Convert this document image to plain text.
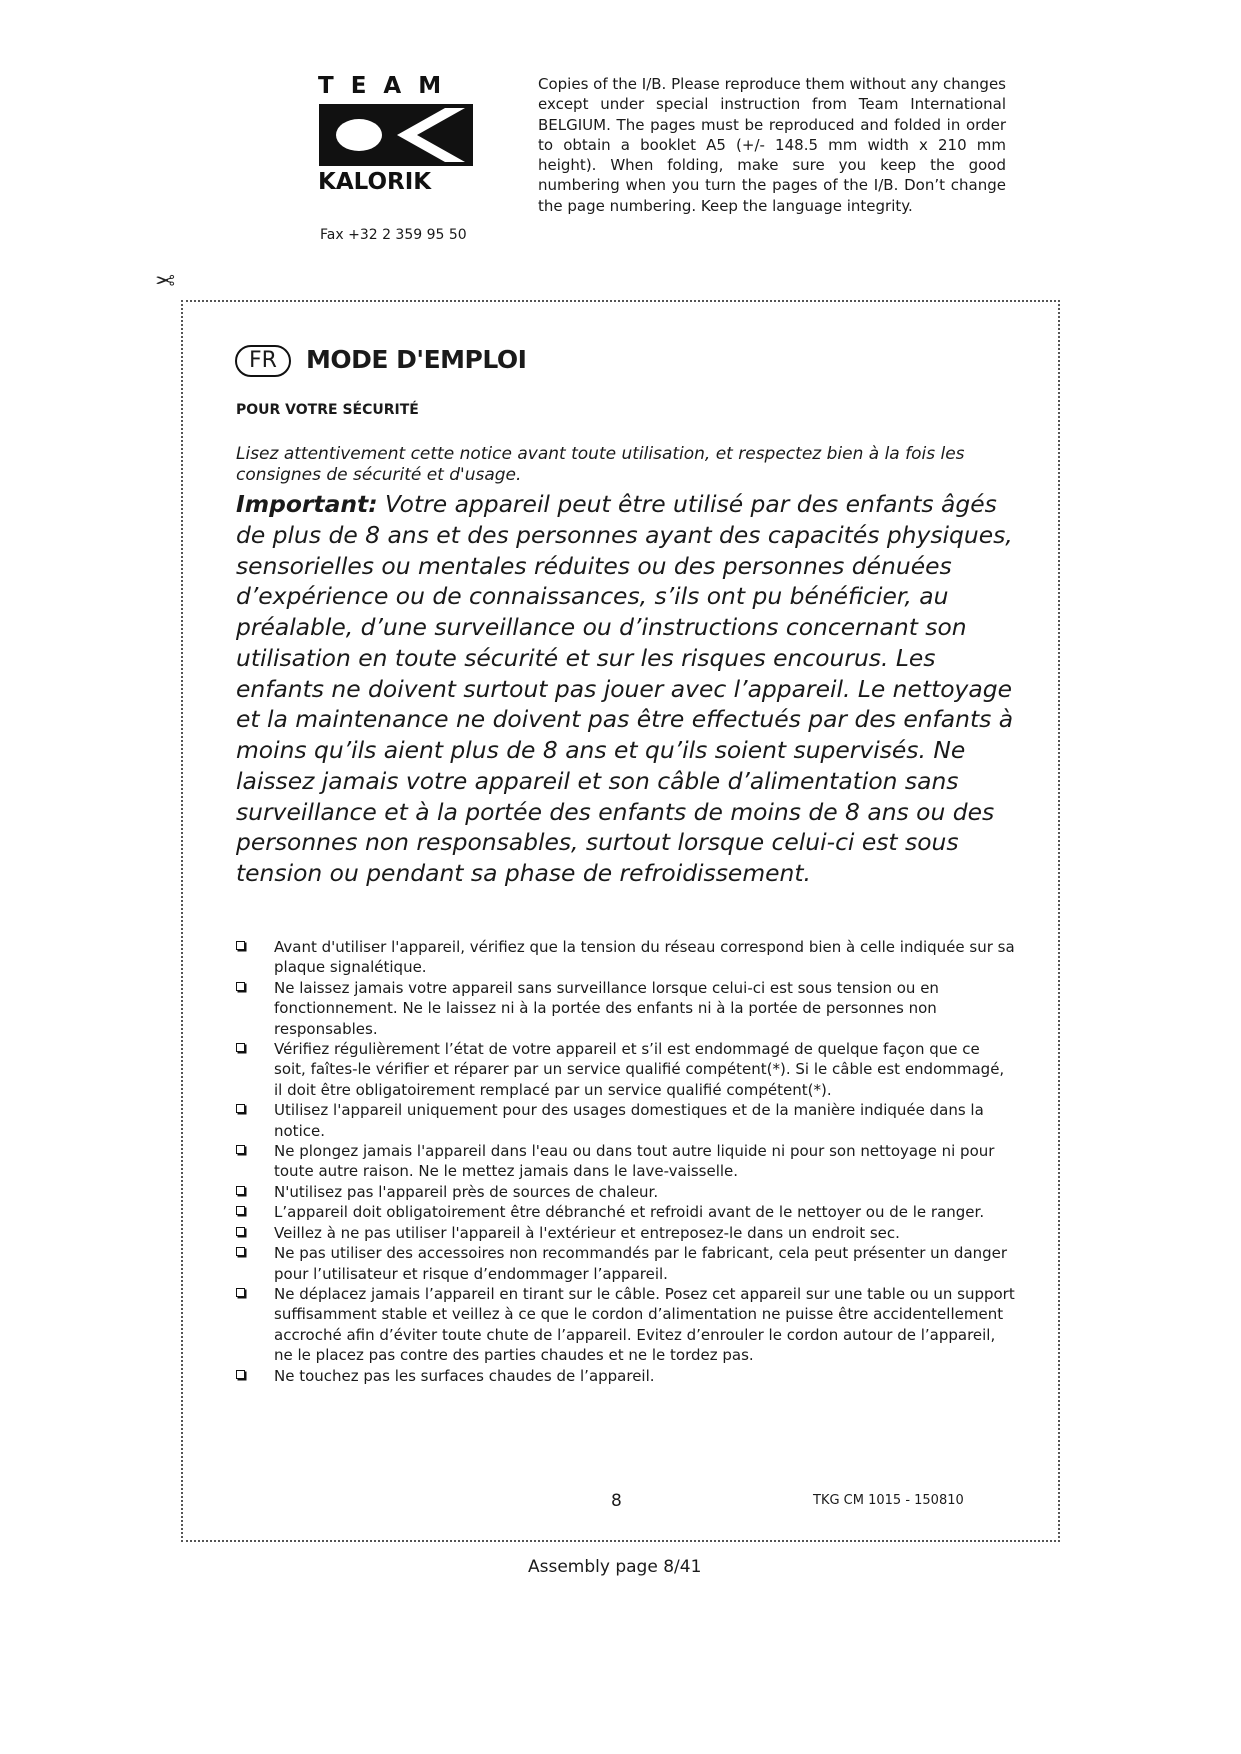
TEAM
KALORIK
Fax +32 2 359 95 50
Copies of the I/B. Please reproduce them without any changes except under special instruction from Team International BELGIUM. The pages must be reproduced and folded in order to obtain a booklet A5 (+/- 148.5 mm width x 210 mm height). When folding, make sure you keep the good numbering when you turn the pages of the I/B. Don’t change the page numbering. Keep the language integrity.
✂
FR	MODE D'EMPLOI
POUR VOTRE SÉCURITÉ
Lisez attentivement cette notice avant toute utilisation, et respectez bien à la fois les consignes de sécurité et d'usage.
Important: Votre appareil peut être utilisé par des enfants âgés de plus de 8 ans et des personnes ayant des capacités physiques, sensorielles ou mentales réduites ou des personnes dénuées d’expérience ou de connaissances, s’ils ont pu bénéficier, au préalable, d’une surveillance ou d’instructions concernant son utilisation en toute sécurité et sur les risques encourus. Les enfants ne doivent surtout pas jouer avec l’appareil. Le nettoyage et la maintenance ne doivent pas être effectués par des enfants à moins qu’ils aient plus de 8 ans et qu’ils soient supervisés. Ne laissez jamais votre appareil et son câble d’alimentation sans surveillance et à la portée des enfants de moins de 8 ans ou des personnes non responsables, surtout lorsque celui-ci est sous tension ou pendant sa phase de refroidissement.
Avant d'utiliser l'appareil, vérifiez que la tension du réseau correspond bien à celle indiquée sur sa plaque signalétique.
Ne laissez jamais votre appareil sans surveillance lorsque celui-ci est sous tension ou en fonctionnement. Ne le laissez ni à la portée des enfants ni à la portée de personnes non responsables.
Vérifiez régulièrement l’état de votre appareil et s’il est endommagé de quelque façon que ce soit, faîtes-le vérifier et réparer par un service qualifié compétent(*). Si le câble est endommagé, il doit être obligatoirement remplacé par un service qualifié compétent(*).
Utilisez l'appareil uniquement pour des usages domestiques et de la manière indiquée dans la notice.
Ne plongez jamais l'appareil dans l'eau ou dans tout autre liquide ni pour son nettoyage ni pour toute autre raison. Ne le mettez jamais dans le lave-vaisselle.
N'utilisez pas l'appareil près de sources de chaleur.
L’appareil doit obligatoirement être débranché et refroidi avant de le nettoyer ou de le ranger.
Veillez à ne pas utiliser l'appareil à l'extérieur et entreposez-le dans un endroit sec.
Ne pas utiliser des accessoires non recommandés par le fabricant, cela peut présenter un danger pour l’utilisateur et risque d’endommager l’appareil.
Ne déplacez jamais l’appareil en tirant sur le câble. Posez cet appareil sur une table ou un support suffisamment stable et veillez à ce que le cordon d’alimentation ne puisse être accidentellement accroché afin d’éviter toute chute de l’appareil. Evitez d’enrouler le cordon autour de l’appareil, ne le placez pas contre des parties chaudes et ne le tordez pas.
Ne touchez pas les surfaces chaudes de l’appareil.
8	TKG CM 1015 - 150810
Assembly page 8/41
